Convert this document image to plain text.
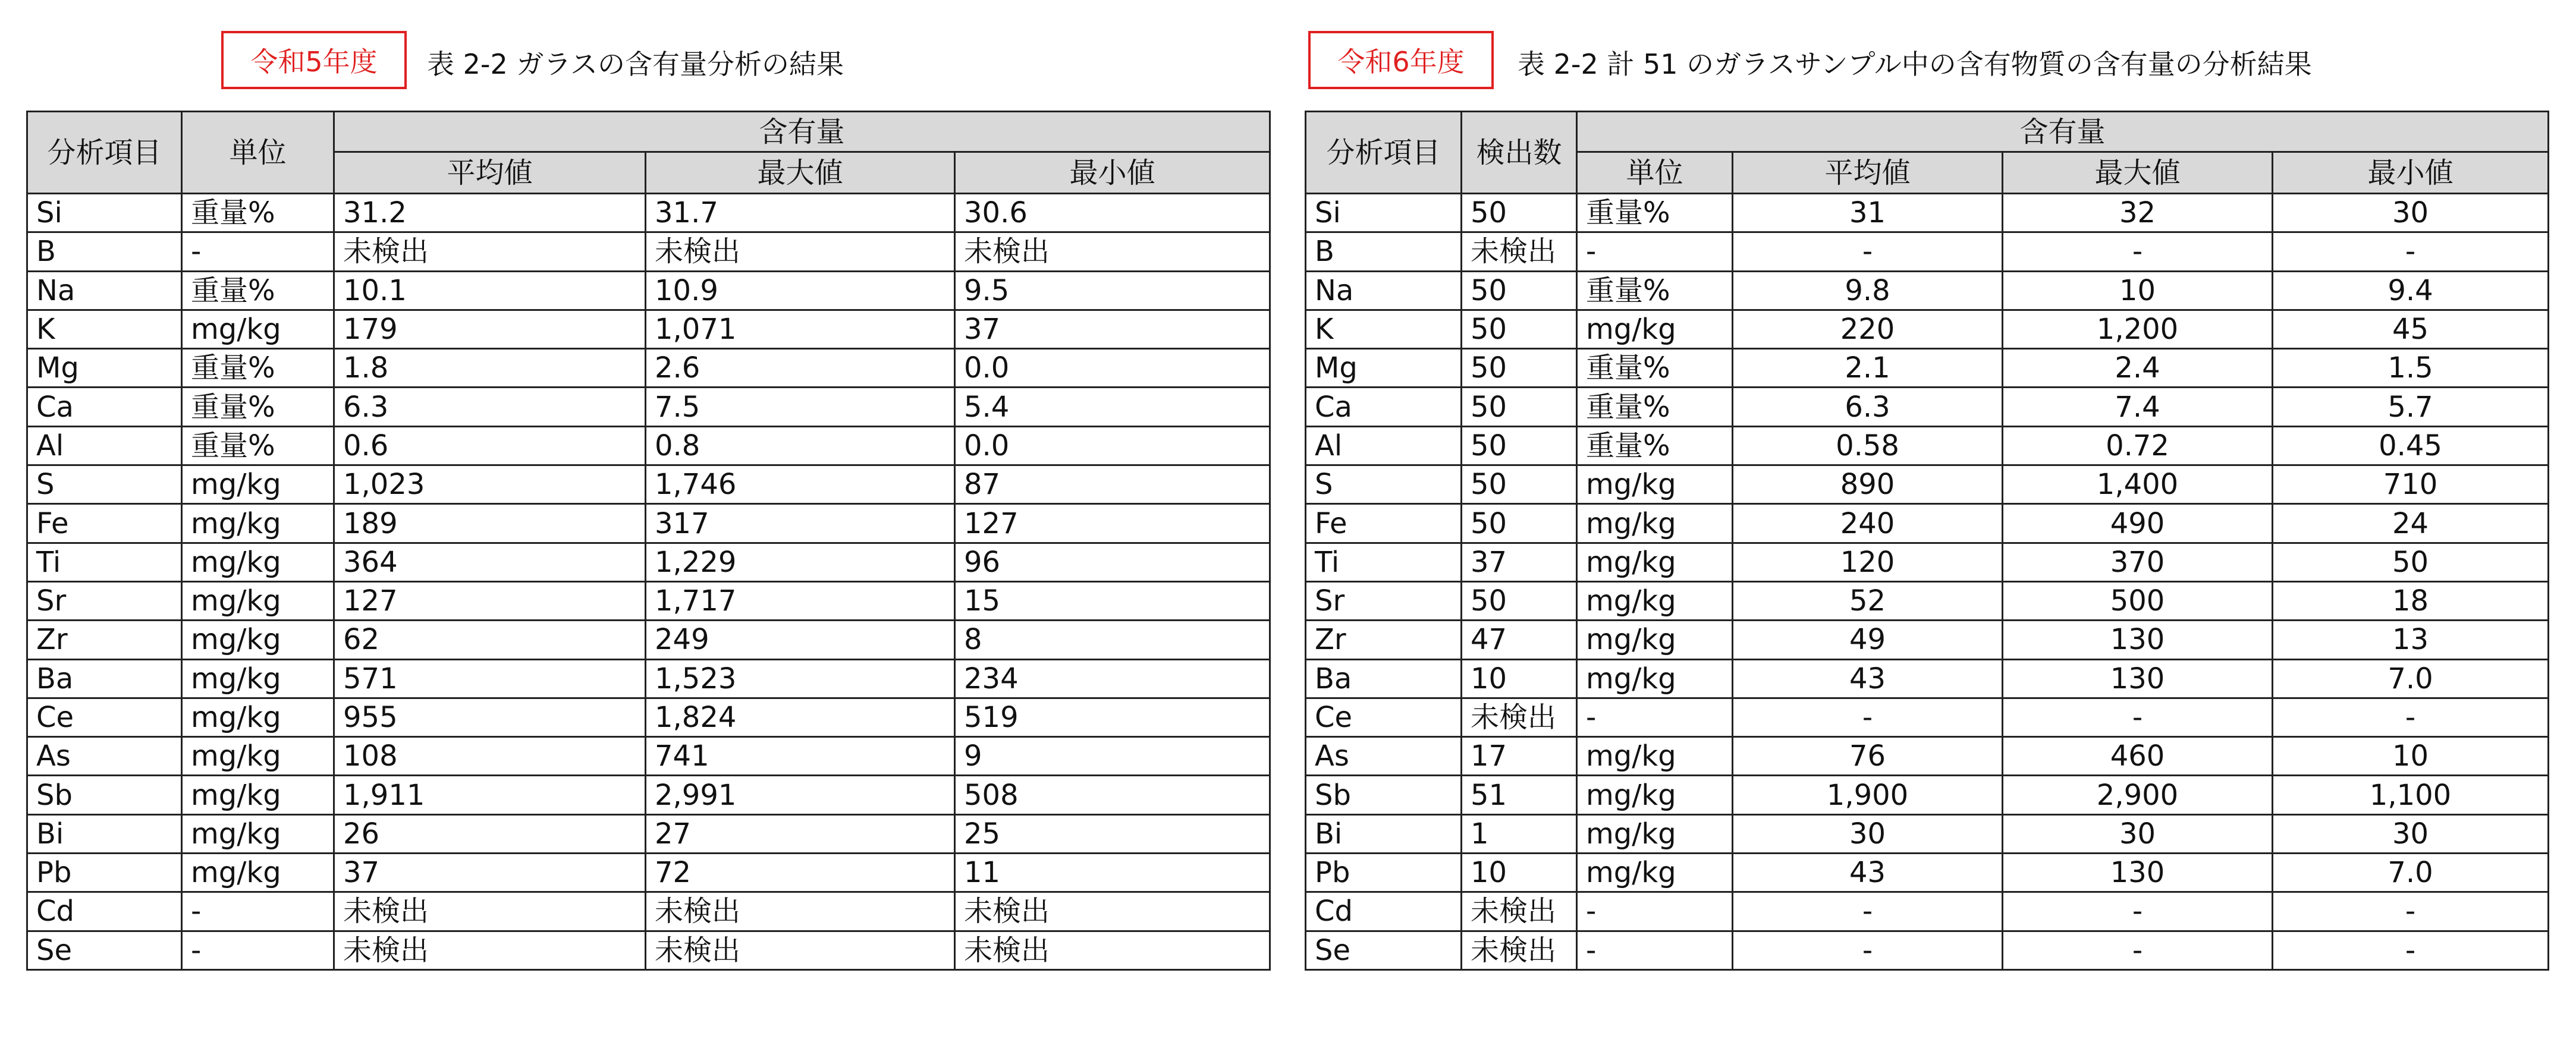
令和5年度	表 2-2 ガラスの含有量分析の結果
分析項目	単位	含有量		
		平均値	最大値	最小値
Si	重量%	31.2	31.7	30.6
B	-	未検出	未検出	未検出
Na	重量%	10.1	10.9	9.5
K	mg/kg	179	1,071	37
Mg	重量%	1.8	2.6	0.0
Ca	重量%	6.3	7.5	5.4
Al	重量%	0.6	0.8	0.0
S	mg/kg	1,023	1,746	87
Fe	mg/kg	189	317	127
Ti	mg/kg	364	1,229	96
Sr	mg/kg	127	1,717	15
Zr	mg/kg	62	249	8
Ba	mg/kg	571	1,523	234
Ce	mg/kg	955	1,824	519
As	mg/kg	108	741	9
Sb	mg/kg	1,911	2,991	508
Bi	mg/kg	26	27	25
Pb	mg/kg	37	72	11
Cd	-	未検出	未検出	未検出
Se	-	未検出	未検出	未検出
令和6年度	表 2-2 計 51 のガラスサンプル中の含有物質の含有量の分析結果
分析項目	検出数	含有量			
		単位	平均値	最大値	最小値
Si	50	重量%	31	32	30
B	未検出	-	-	-	-
Na	50	重量%	9.8	10	9.4
K	50	mg/kg	220	1,200	45
Mg	50	重量%	2.1	2.4	1.5
Ca	50	重量%	6.3	7.4	5.7
Al	50	重量%	0.58	0.72	0.45
S	50	mg/kg	890	1,400	710
Fe	50	mg/kg	240	490	24
Ti	37	mg/kg	120	370	50
Sr	50	mg/kg	52	500	18
Zr	47	mg/kg	49	130	13
Ba	10	mg/kg	43	130	7.0
Ce	未検出	-	-	-	-
As	17	mg/kg	76	460	10
Sb	51	mg/kg	1,900	2,900	1,100
Bi	1	mg/kg	30	30	30
Pb	10	mg/kg	43	130	7.0
Cd	未検出	-	-	-	-
Se	未検出	-	-	-	-
